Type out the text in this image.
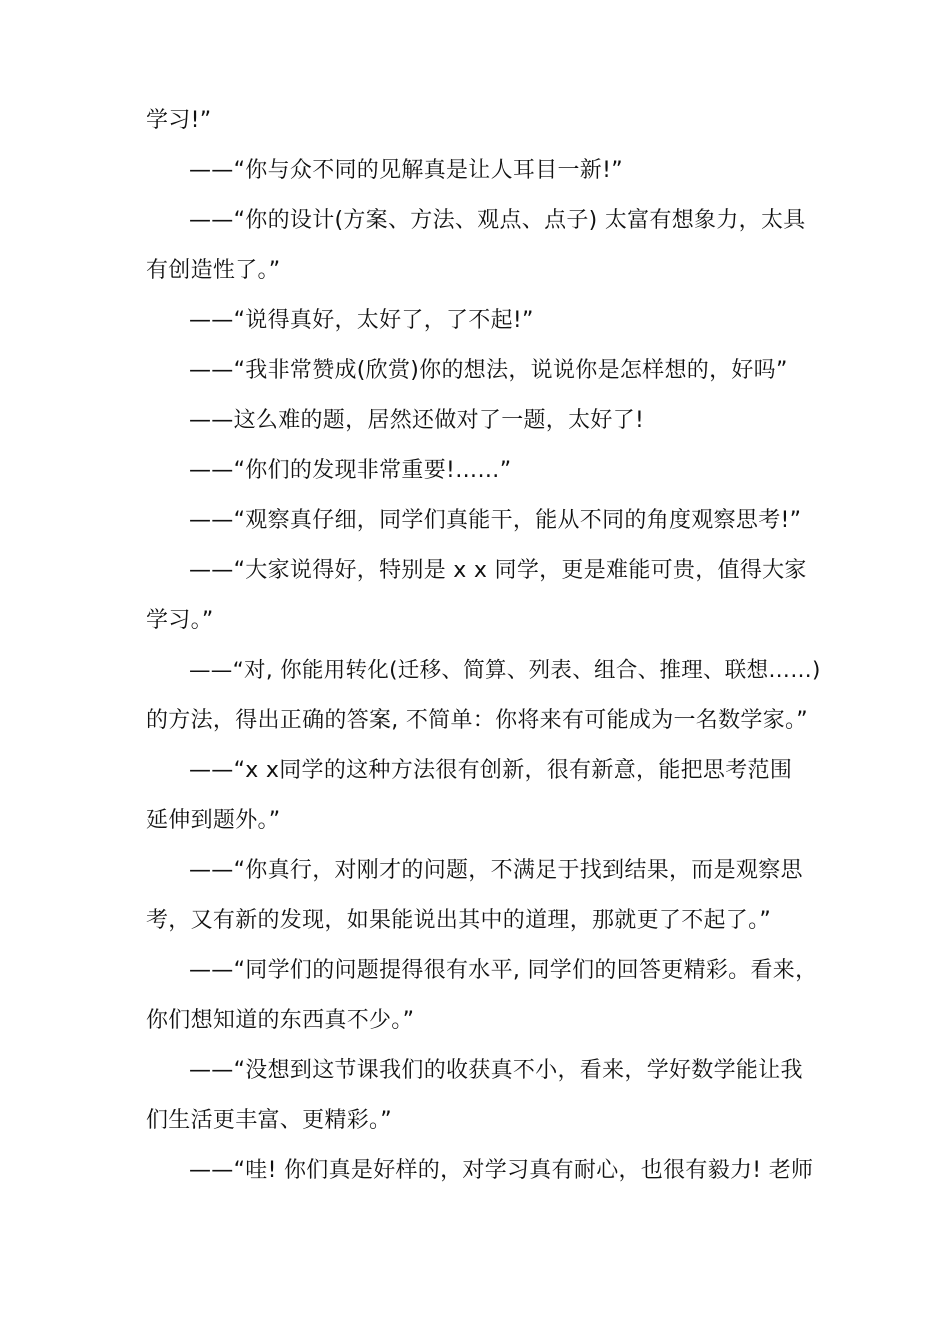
学习!”
——“你与众不同的见解真是让人耳目一新!”
——“你的设计(方案、方法、观点、点子) 太富有想象力，太具
有创造性了。”
——“说得真好，太好了，了不起!”
——“我非常赞成(欣赏)你的想法，说说你是怎样想的，好吗”
——这么难的题，居然还做对了一题，太好了!
——“你们的发现非常重要!……”
——“观察真仔细，同学们真能干，能从不同的角度观察思考!”
——“大家说得好，特别是 x x 同学，更是难能可贵，值得大家
学习。”
——“对, 你能用转化(迁移、简算、列表、组合、推理、联想……)
的方法，得出正确的答案, 不简单：你将来有可能成为一名数学家。”
——“x x同学的这种方法很有创新，很有新意，能把思考范围
延伸到题外。”
——“你真行，对刚才的问题，不满足于找到结果，而是观察思
考，又有新的发现，如果能说出其中的道理，那就更了不起了。”
——“同学们的问题提得很有水平, 同学们的回答更精彩。看来，
你们想知道的东西真不少。”
——“没想到这节课我们的收获真不小，看来，学好数学能让我
们生活更丰富、更精彩。”
——“哇! 你们真是好样的，对学习真有耐心，也很有毅力! 老师
